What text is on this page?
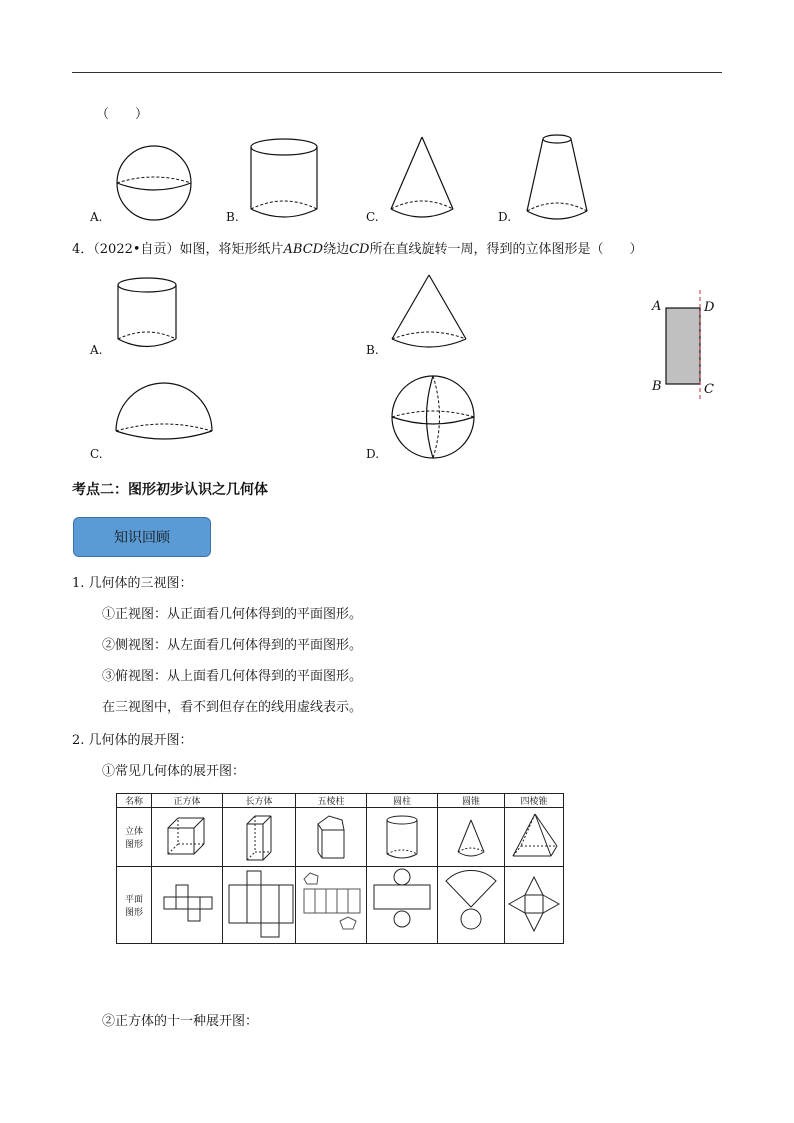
（　　）
A.	B.	C.	D.
4．（2022•自贡）如图，将矩形纸片ABCD绕边CD所在直线旋转一周，得到的立体图形是（　　）
A.	B.
C.	D.
A	D
B	C
考点二：图形初步认识之几何体
知识回顾
1. 几何体的三视图：
①正视图：从正面看几何体得到的平面图形。
②侧视图：从左面看几何体得到的平面图形。
③俯视图：从上面看几何体得到的平面图形。
在三视图中，看不到但存在的线用虚线表示。
2. 几何体的展开图：
①常见几何体的展开图：
名称	正方体	长方体	五棱柱	圆柱	圆锥	四棱锥
立体
图形	

平面
图形	

②正方体的十一种展开图：
